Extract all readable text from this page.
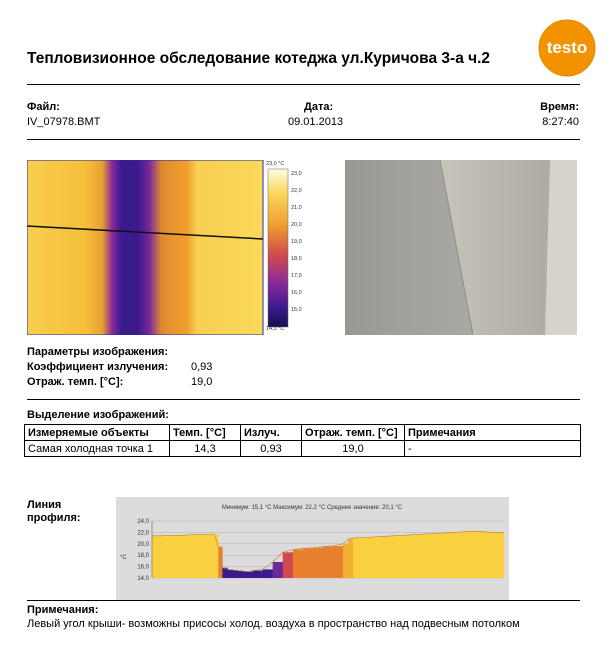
Тепловизионное обследование котеджа ул.Куричова 3-а ч.2
testo
Файл:
IV_07978.BMT
Дата:
09.01.2013
Время:
8:27:40
23,0 °C
14,3 °C
23,0
22,0
21,0
20,0
19,0
18,0
17,0
16,0
15,0
Параметры изображения:
Коэффициент излучения: 0,93
Отраж. темп. [°C]:	19,0
Выделение изображений:
Измеряемые объекты	Темп. [°C]	Излуч.	Отраж. темп. [°C]	Примечания
Самая холодная точка 1	14,3	0,93	19,0	-
Линия
профиля:
Минимум: 15,1 °C Максимум: 22,2 °C Среднее значение: 20,1 °C
°C
24,0
22,0
20,0
18,0
16,0
14,0
Примечания:
Левый угол крыши- возможны присосы холод. воздуха в пространство над подвесным потолком
